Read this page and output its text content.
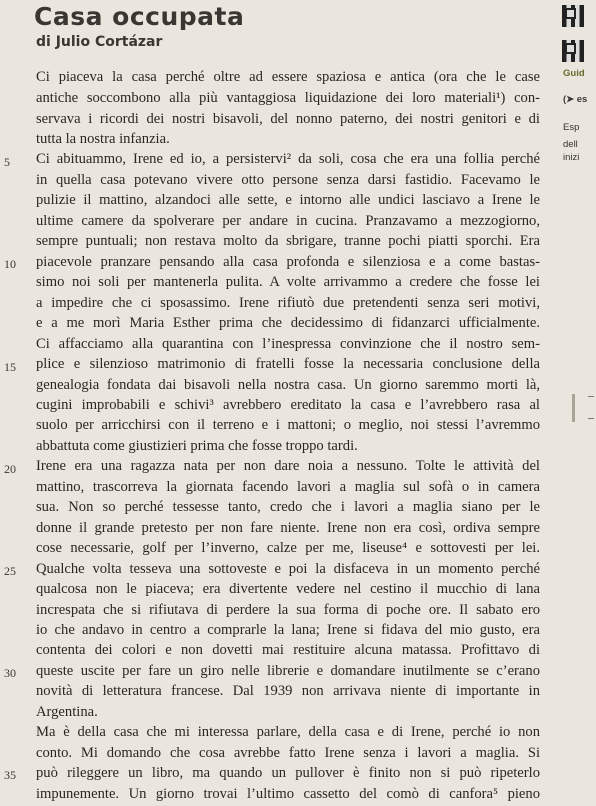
Casa occupata
di Julio Cortázar
Guid
(➤ es
Esp
dell
inizi
Ci piaceva la casa perché oltre ad essere spaziosa e antica (ora che le case
antiche soccombono alla più vantaggiosa liquidazione dei loro materiali¹) con-
servava i ricordi dei nostri bisavoli, del nonno paterno, dei nostri genitori e di
tutta la nostra infanzia.
Ci abituammo, Irene ed io, a persistervi² da soli, cosa che era una follia perché
in quella casa potevano vivere otto persone senza darsi fastidio. Facevamo le
pulizie il mattino, alzandoci alle sette, e intorno alle undici lasciavo a Irene le
ultime camere da spolverare per andare in cucina. Pranzavamo a mezzogiorno,
sempre puntuali; non restava molto da sbrigare, tranne pochi piatti sporchi. Era
piacevole pranzare pensando alla casa profonda e silenziosa e a come bastas-
simo noi soli per mantenerla pulita. A volte arrivammo a credere che fosse lei
a impedire che ci sposassimo. Irene rifiutò due pretendenti senza seri motivi,
e a me morì Maria Esther prima che decidessimo di fidanzarci ufficialmente.
Ci affacciamo alla quarantina con l’inespressa convinzione che il nostro sem-
plice e silenzioso matrimonio di fratelli fosse la necessaria conclusione della
genealogia fondata dai bisavoli nella nostra casa. Un giorno saremmo morti là,
cugini improbabili e schivi³ avrebbero ereditato la casa e l’avrebbero rasa al
suolo per arricchirsi con il terreno e i mattoni; o meglio, noi stessi l’avremmo
abbattuta come giustizieri prima che fosse troppo tardi.
Irene era una ragazza nata per non dare noia a nessuno. Tolte le attività del
mattino, trascorreva la giornata facendo lavori a maglia sul sofà o in camera
sua. Non so perché tessesse tanto, credo che i lavori a maglia siano per le
donne il grande pretesto per non fare niente. Irene non era così, ordiva sempre
cose necessarie, golf per l’inverno, calze per me, liseuse⁴ e sottovesti per lei.
Qualche volta tesseva una sottoveste e poi la disfaceva in un momento perché
qualcosa non le piaceva; era divertente vedere nel cestino il mucchio di lana
increspata che si rifiutava di perdere la sua forma di poche ore. Il sabato ero
io che andavo in centro a comprarle la lana; Irene si fidava del mio gusto, era
contenta dei colori e non dovetti mai restituire alcuna matassa. Profittavo di
queste uscite per fare un giro nelle librerie e domandare inutilmente se c’erano
novità di letteratura francese. Dal 1939 non arrivava niente di importante in
Argentina.
Ma è della casa che mi interessa parlare, della casa e di Irene, perché io non
conto. Mi domando che cosa avrebbe fatto Irene senza i lavori a maglia. Si
può rileggere un libro, ma quando un pullover è finito non si può ripeterlo
impunemente. Un giorno trovai l’ultimo cassetto del comò di canfora⁵ pieno
5
10
15
20
25
30
35
